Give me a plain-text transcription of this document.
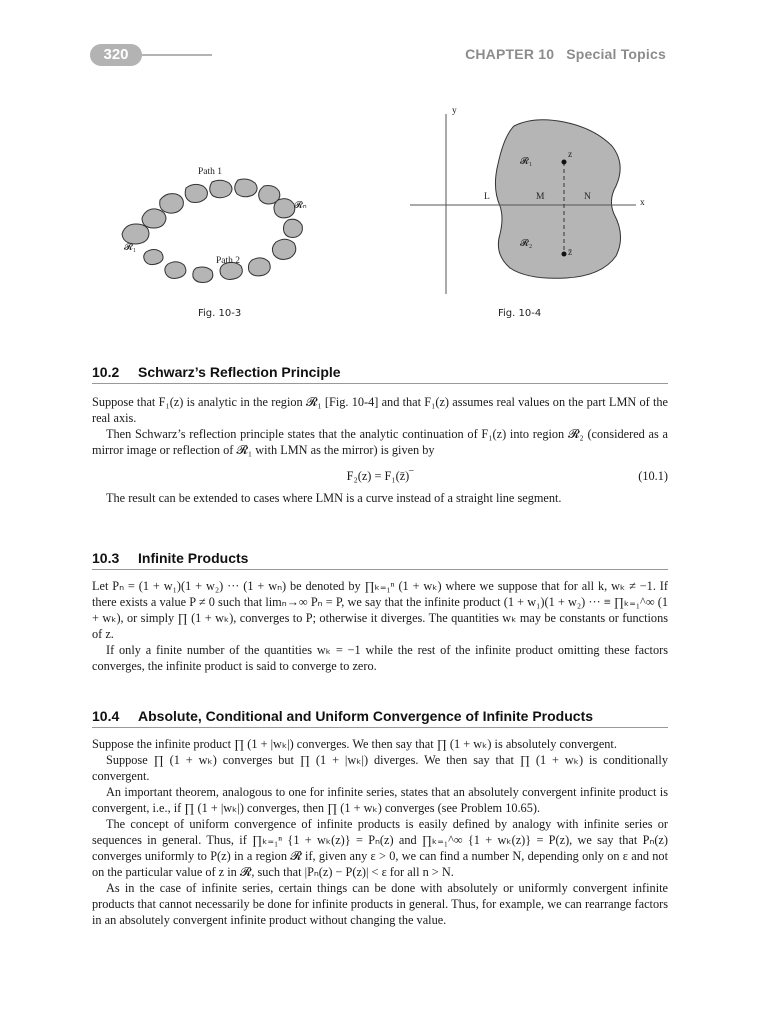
320	CHAPTER 10 Special Topics
Path 1
Path 2
𝓡₁
𝓡ₙ
Fig. 10-3
y
x
L	M	N
𝓡₁
𝓡₂
z
z̄
Fig. 10-4
10.2 Schwarz’s Reflection Principle

Suppose that F₁(z) is analytic in the region 𝓡₁ [Fig. 10-4] and that F₁(z) assumes real values on the part LMN of the real axis.

Then Schwarz’s reflection principle states that the analytic continuation of F₁(z) into region 𝓡₂ (considered as a mirror image or reflection of 𝓡₁ with LMN as the mirror) is given by

F₂(z) = F₁(z̄)‾	(10.1)
The result can be extended to cases where LMN is a curve instead of a straight line segment.
10.3 Infinite Products

Let Pₙ = (1 + w₁)(1 + w₂) ··· (1 + wₙ) be denoted by ∏ₖ₌₁ⁿ (1 + wₖ) where we suppose that for all k, wₖ ≠ −1. If there exists a value P ≠ 0 such that limₙ→∞ Pₙ = P, we say that the infinite product (1 + w₁)(1 + w₂) ··· ≡ ∏ₖ₌₁^∞ (1 + wₖ), or simply ∏ (1 + wₖ), converges to P; otherwise it diverges. The quantities wₖ may be constants or functions of z.

If only a finite number of the quantities wₖ = −1 while the rest of the infinite product omitting these factors converges, the infinite product is said to converge to zero.

10.4 Absolute, Conditional and Uniform Convergence of Infinite Products

Suppose the infinite product ∏ (1 + |wₖ|) converges. We then say that ∏ (1 + wₖ) is absolutely convergent.

Suppose ∏ (1 + wₖ) converges but ∏ (1 + |wₖ|) diverges. We then say that ∏ (1 + wₖ) is conditionally convergent.

An important theorem, analogous to one for infinite series, states that an absolutely convergent infinite product is convergent, i.e., if ∏ (1 + |wₖ|) converges, then ∏ (1 + wₖ) converges (see Problem 10.65).

The concept of uniform convergence of infinite products is easily defined by analogy with infinite series or sequences in general. Thus, if ∏ₖ₌₁ⁿ {1 + wₖ(z)} = Pₙ(z) and ∏ₖ₌₁^∞ {1 + wₖ(z)} = P(z), we say that Pₙ(z) converges uniformly to P(z) in a region 𝓡 if, given any ε > 0, we can find a number N, depending only on ε and not on the particular value of z in 𝓡, such that |Pₙ(z) − P(z)| < ε for all n > N.

As in the case of infinite series, certain things can be done with absolutely or uniformly convergent infinite products that cannot necessarily be done for infinite products in general. Thus, for example, we can rearrange factors in an absolutely convergent infinite product without changing the value.
